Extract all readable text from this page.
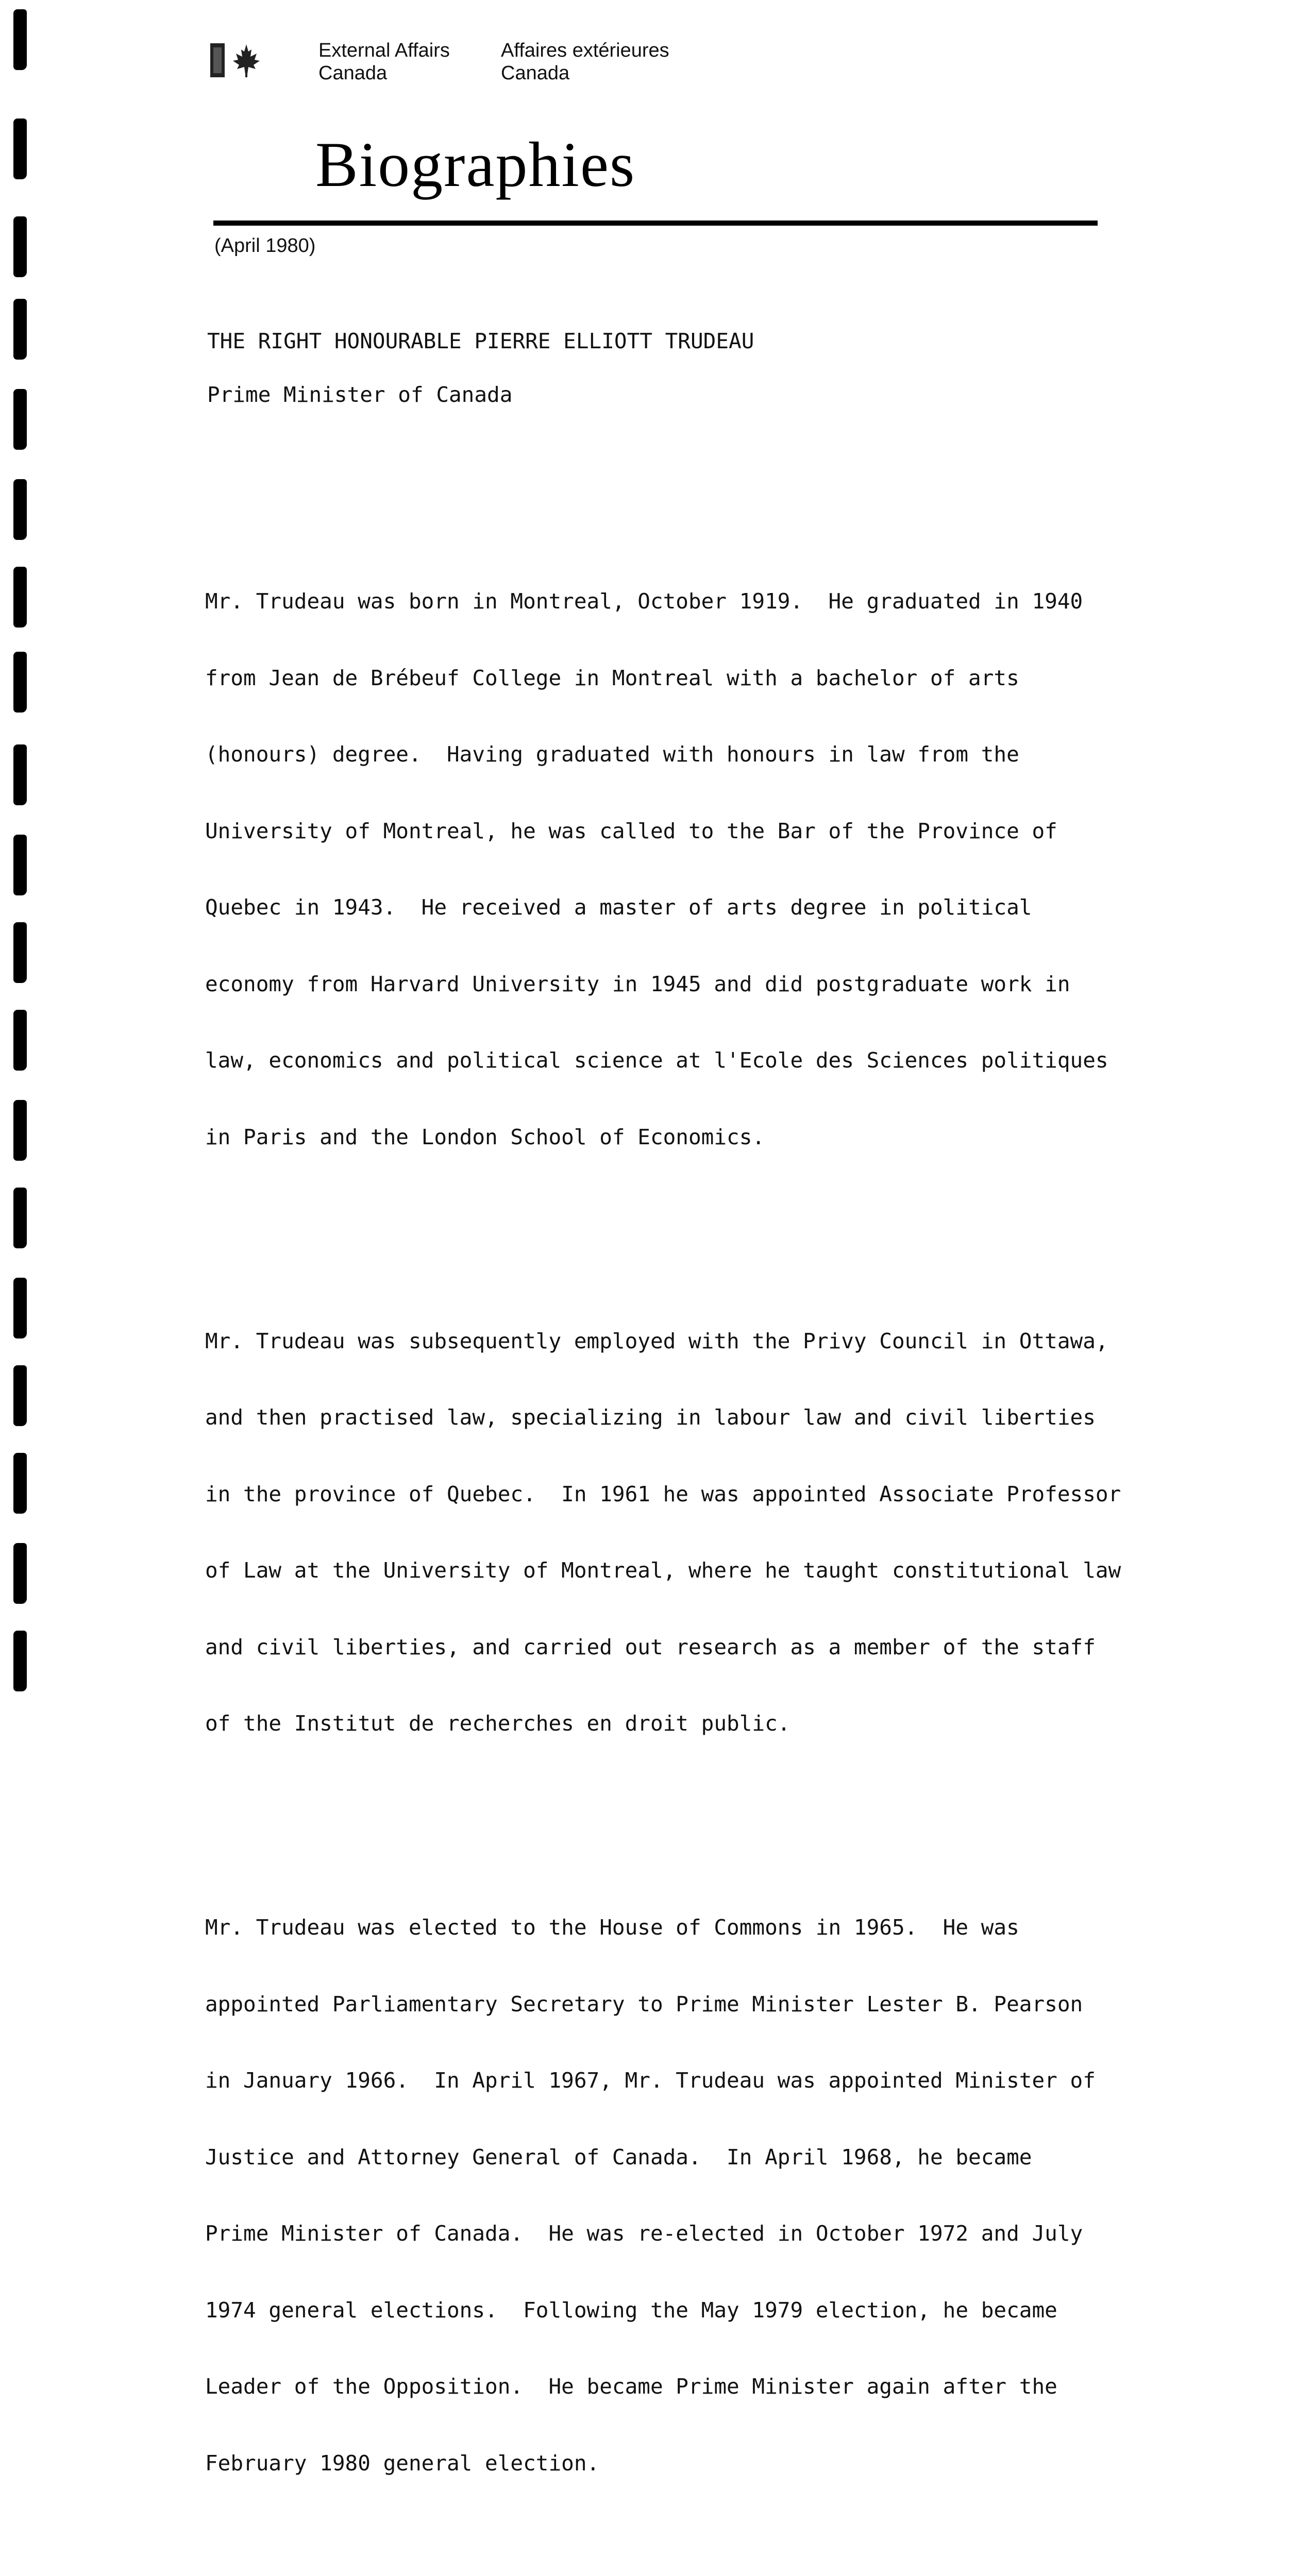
External Affairs
Canada
Affaires extérieures
Canada
Biographies
(April 1980)
THE RIGHT HONOURABLE PIERRE ELLIOTT TRUDEAU
Prime Minister of Canada

Mr. Trudeau was born in Montreal, October 1919.  He graduated in 1940

from Jean de Brébeuf College in Montreal with a bachelor of arts

(honours) degree.  Having graduated with honours in law from the

University of Montreal, he was called to the Bar of the Province of

Quebec in 1943.  He received a master of arts degree in political

economy from Harvard University in 1945 and did postgraduate work in

law, economics and political science at l'Ecole des Sciences politiques

in Paris and the London School of Economics.

Mr. Trudeau was subsequently employed with the Privy Council in Ottawa,

and then practised law, specializing in labour law and civil liberties

in the province of Quebec.  In 1961 he was appointed Associate Professor

of Law at the University of Montreal, where he taught constitutional law

and civil liberties, and carried out research as a member of the staff

of the Institut de recherches en droit public.

Mr. Trudeau was elected to the House of Commons in 1965.  He was

appointed Parliamentary Secretary to Prime Minister Lester B. Pearson

in January 1966.  In April 1967, Mr. Trudeau was appointed Minister of

Justice and Attorney General of Canada.  In April 1968, he became

Prime Minister of Canada.  He was re-elected in October 1972 and July

1974 general elections.  Following the May 1979 election, he became

Leader of the Opposition.  He became Prime Minister again after the

February 1980 general election.
